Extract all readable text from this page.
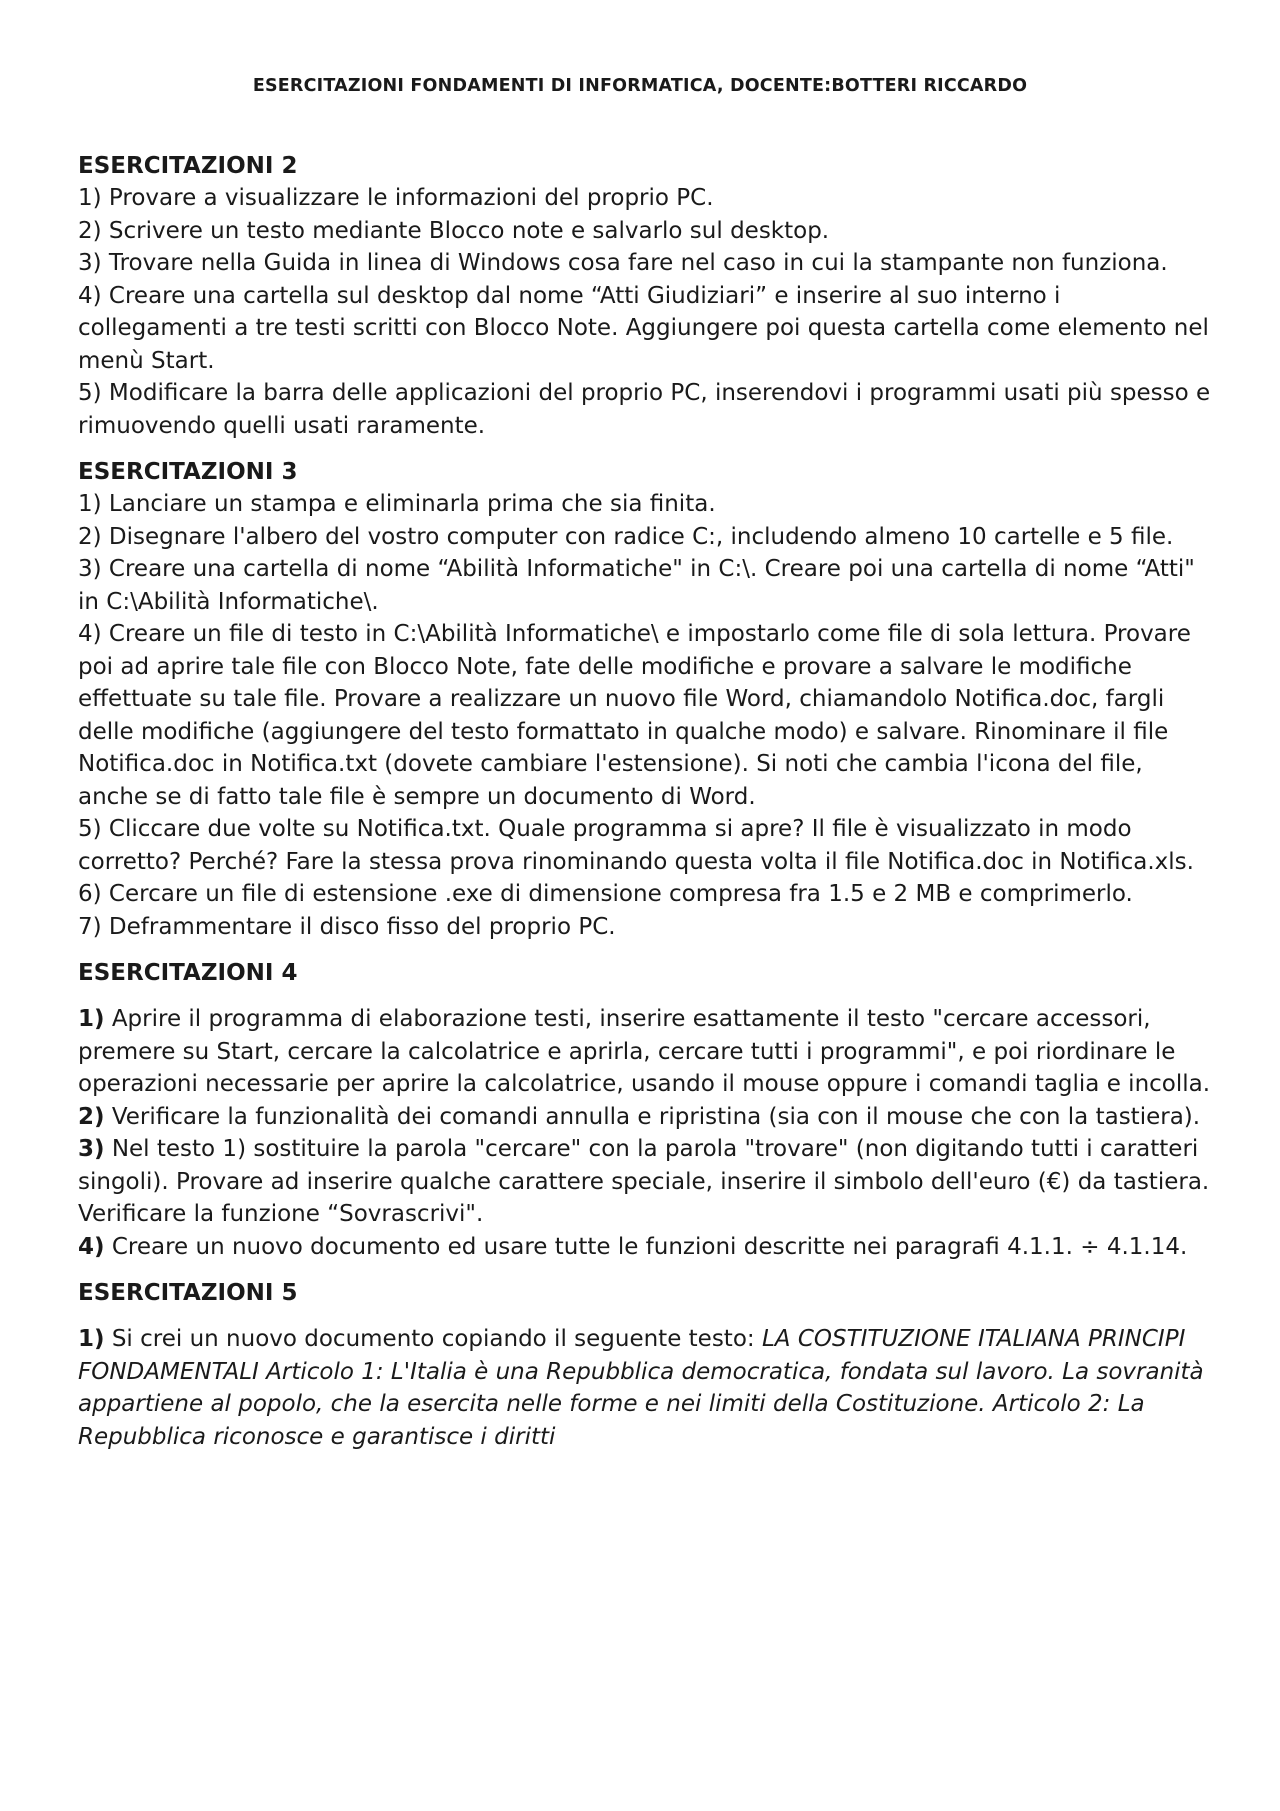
ESERCITAZIONI FONDAMENTI DI INFORMATICA, DOCENTE:BOTTERI RICCARDO

ESERCITAZIONI 2

1) Provare a visualizzare le informazioni del proprio PC.

2) Scrivere un testo mediante Blocco note e salvarlo sul desktop.

3) Trovare nella Guida in linea di Windows cosa fare nel caso in cui la stampante non funziona.

4) Creare una cartella sul desktop dal nome “Atti Giudiziari” e inserire al suo interno i collegamenti a tre testi scritti con Blocco Note. Aggiungere poi questa cartella come elemento nel menù Start.

5) Modificare la barra delle applicazioni del proprio PC, inserendovi i programmi usati più spesso e rimuovendo quelli usati raramente.

ESERCITAZIONI 3

1) Lanciare un stampa e eliminarla prima che sia finita.

2) Disegnare l'albero del vostro computer con radice C:, includendo almeno 10 cartelle e 5 file.

3) Creare una cartella di nome “Abilità Informatiche" in C:\. Creare poi una cartella di nome “Atti" in C:\Abilità Informatiche\.

4) Creare un file di testo in C:\Abilità Informatiche\ e impostarlo come file di sola lettura. Provare poi ad aprire tale file con Blocco Note, fate delle modifiche e provare a salvare le modifiche effettuate su tale file. Provare a realizzare un nuovo file Word, chiamandolo Notifica.doc, fargli delle modifiche (aggiungere del testo formattato in qualche modo) e salvare. Rinominare il file Notifica.doc in Notifica.txt (dovete cambiare l'estensione). Si noti che cambia l'icona del file, anche se di fatto tale file è sempre un documento di Word.

5) Cliccare due volte su Notifica.txt. Quale programma si apre? Il file è visualizzato in modo corretto? Perché? Fare la stessa prova rinominando questa volta il file Notifica.doc in Notifica.xls.

6) Cercare un file di estensione .exe di dimensione compresa fra 1.5 e 2 MB e comprimerlo.

7) Deframmentare il disco fisso del proprio PC.

ESERCITAZIONI 4

1) Aprire il programma di elaborazione testi, inserire esattamente il testo "cercare accessori, premere su Start, cercare la calcolatrice e aprirla, cercare tutti i programmi", e poi riordinare le operazioni necessarie per aprire la calcolatrice, usando il mouse oppure i comandi taglia e incolla.

2) Verificare la funzionalità dei comandi annulla e ripristina (sia con il mouse che con la tastiera).

3) Nel testo 1) sostituire la parola "cercare" con la parola "trovare" (non digitando tutti i caratteri singoli). Provare ad inserire qualche carattere speciale, inserire il simbolo dell'euro (€) da tastiera. Verificare la funzione “Sovrascrivi".

4) Creare un nuovo documento ed usare tutte le funzioni descritte nei paragrafi 4.1.1. ÷ 4.1.14.

ESERCITAZIONI 5

1) Si crei un nuovo documento copiando il seguente testo: LA COSTITUZIONE ITALIANA PRINCIPI FONDAMENTALI Articolo 1: L'Italia è una Repubblica democratica, fondata sul lavoro. La sovranità appartiene al popolo, che la esercita nelle forme e nei limiti della Costituzione. Articolo 2: La Repubblica riconosce e garantisce i diritti
